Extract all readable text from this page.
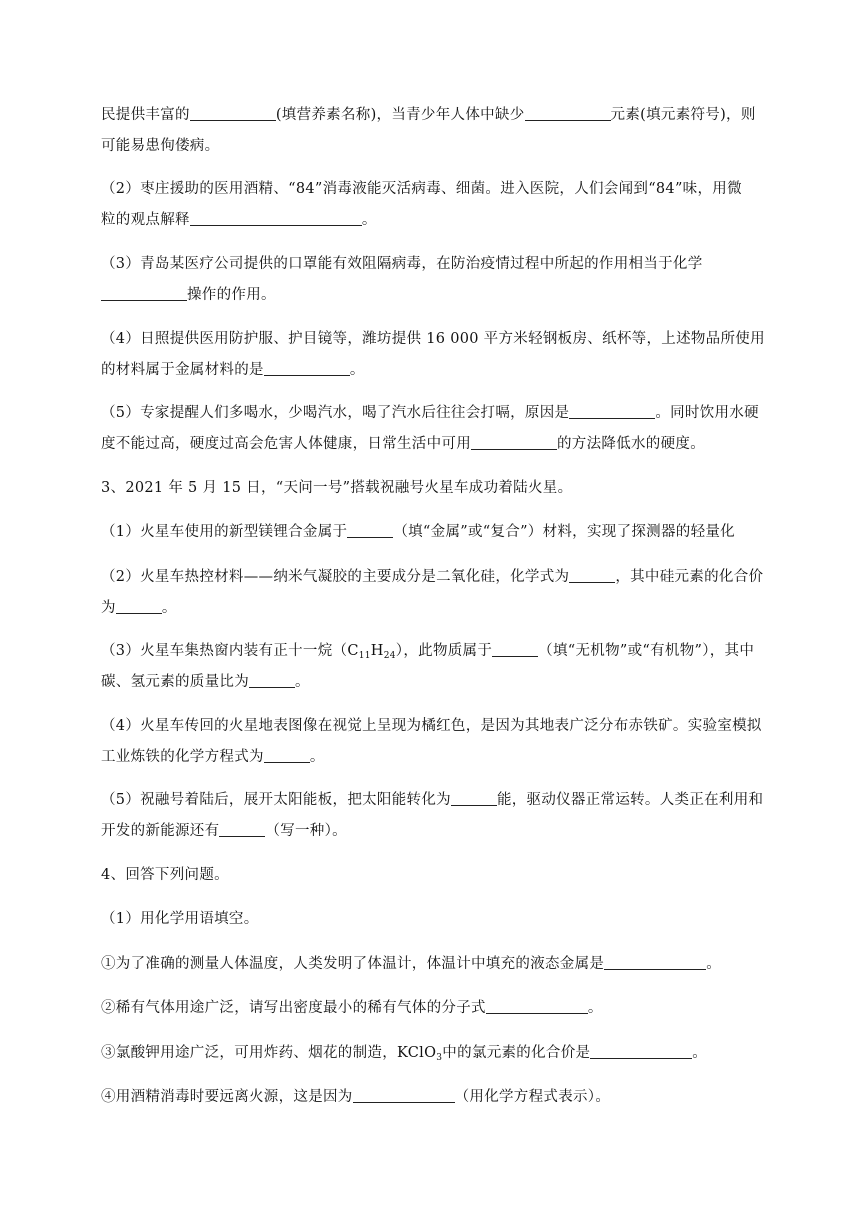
民提供丰富的	(填营养素名称)，当青少年人体中缺少	元素(填元素符号)，则
可能易患佝偻病。
（2）枣庄援助的医用酒精、“84”消毒液能灭活病毒、细菌。进入医院，人们会闻到“84”味，用微
粒的观点解释	。
（3）青岛某医疗公司提供的口罩能有效阻隔病毒，在防治疫情过程中所起的作用相当于化学
操作的作用。
（4）日照提供医用防护服、护目镜等，潍坊提供 16 000 平方米轻钢板房、纸杯等，上述物品所使用
的材料属于金属材料的是	。
（5）专家提醒人们多喝水，少喝汽水，喝了汽水后往往会打嗝，原因是	。同时饮用水硬
度不能过高，硬度过高会危害人体健康，日常生活中可用	的方法降低水的硬度。
3、2021 年 5 月 15 日，“天问一号”搭载祝融号火星车成功着陆火星。
（1）火星车使用的新型镁锂合金属于	（填“金属”或“复合”）材料，实现了探测器的轻量化
（2）火星车热控材料——纳米气凝胶的主要成分是二氧化硅，化学式为	，其中硅元素的化合价
为	。
（3）火星车集热窗内装有正十一烷$(C_{11}H_{24})$，此物质属于	（填“无机物”或“有机物”），其中
碳、氢元素的质量比为	。
（4）火星车传回的火星地表图像在视觉上呈现为橘红色，是因为其地表广泛分布赤铁矿。实验室模拟
工业炼铁的化学方程式为	。
（5）祝融号着陆后，展开太阳能板，把太阳能转化为	能，驱动仪器正常运转。人类正在利用和
开发的新能源还有	（写一种）。
4、回答下列问题。
（1）用化学用语填空。
①为了准确的测量人体温度，人类发明了体温计，体温计中填充的液态金属是	。
②稀有气体用途广泛，请写出密度最小的稀有气体的分子式	。
③氯酸钾用途广泛，可用炸药、烟花的制造，KClO$_3$中的氯元素的化合价是	。
④用酒精消毒时要远离火源，这是因为	（用化学方程式表示）。
